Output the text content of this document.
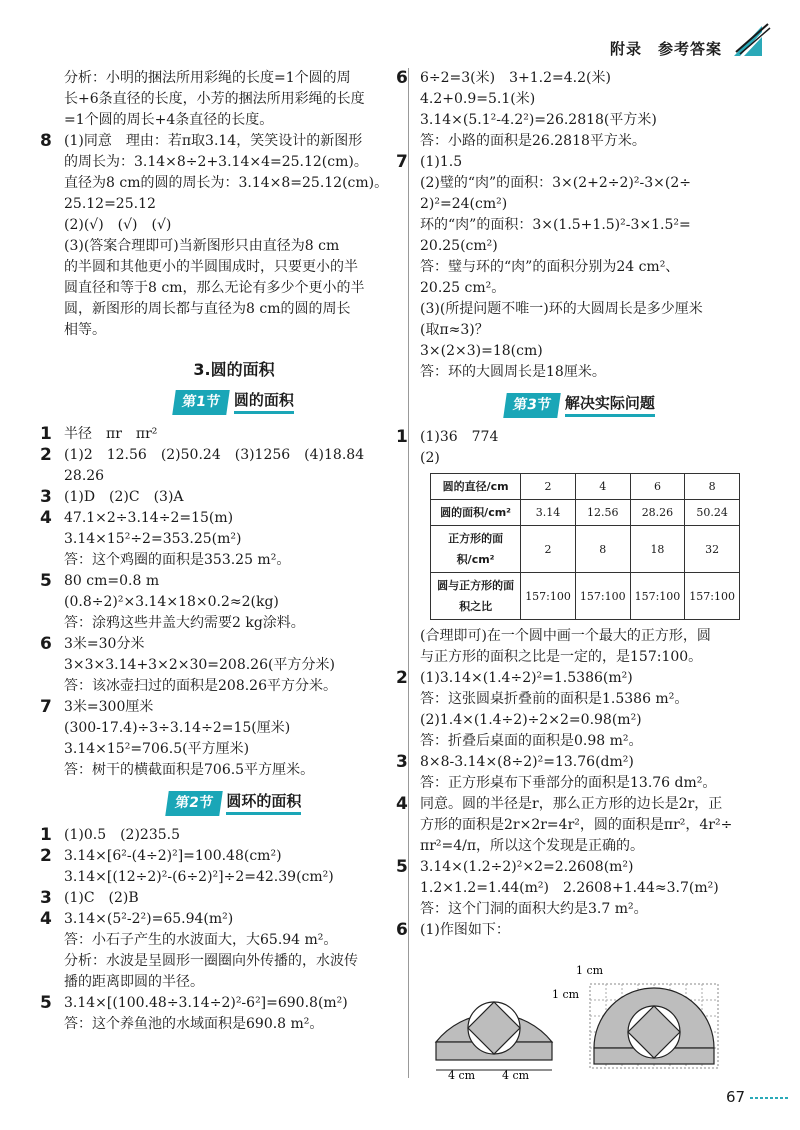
附录　参考答案

分析：小明的捆法所用彩绳的长度=1个圆的周

长+6条直径的长度，小芳的捆法所用彩绳的长度

=1个圆的周长+4条直径的长度。

8 (1)同意　理由：若π取3.14，笑笑设计的新图形

的周长为：3.14×8÷2+3.14×4=25.12(cm)。

直径为8 cm的圆的周长为：3.14×8=25.12(cm)。

25.12=25.12

(2)(√)　(√)　(√)

(3)(答案合理即可)当新图形只由直径为8 cm

的半圆和其他更小的半圆围成时，只要更小的半

圆直径和等于8 cm，那么无论有多少个更小的半

圆，新图形的周长都与直径为8 cm的圆的周长

相等。

3.圆的面积
第1节 圆的面积
1 半径　πr　πr²

2 (1)2　12.56　(2)50.24　(3)1256　(4)18.84

28.26

3 (1)D　(2)C　(3)A

4 47.1×2÷3.14÷2=15(m)

3.14×15²÷2=353.25(m²)

答：这个鸡圈的面积是353.25 m²。

5 80 cm=0.8 m

(0.8÷2)²×3.14×18×0.2≈2(kg)

答：涂鸦这些井盖大约需要2 kg涂料。

6 3米=30分米

3×3×3.14+3×2×30=208.26(平方分米)

答：该冰壶扫过的面积是208.26平方分米。

7 3米=300厘米

(300-17.4)÷3÷3.14÷2=15(厘米)

3.14×15²=706.5(平方厘米)

答：树干的横截面积是706.5平方厘米。

第2节 圆环的面积
1 (1)0.5　(2)235.5

2 3.14×[6²-(4÷2)²]=100.48(cm²)

3.14×[(12÷2)²-(6÷2)²]÷2=42.39(cm²)

3 (1)C　(2)B

4 3.14×(5²-2²)=65.94(m²)

答：小石子产生的水波面大，大65.94 m²。

分析：水波是呈圆形一圈圈向外传播的，水波传

播的距离即圆的半径。

5 3.14×[(100.48÷3.14÷2)²-6²]=690.8(m²)

答：这个养鱼池的水域面积是690.8 m²。

6 6÷2=3(米)　3+1.2=4.2(米)

4.2+0.9=5.1(米)

3.14×(5.1²-4.2²)=26.2818(平方米)

答：小路的面积是26.2818平方米。

7 (1)1.5

(2)璧的“肉”的面积：3×(2+2÷2)²-3×(2÷

2)²=24(cm²)

环的“肉”的面积：3×(1.5+1.5)²-3×1.5²=

20.25(cm²)

答：璧与环的“肉”的面积分别为24 cm²、

20.25 cm²。

(3)(所提问题不唯一)环的大圆周长是多少厘米

(取π≈3)？

3×(2×3)=18(cm)

答：环的大圆周长是18厘米。

第3节 解决实际问题
1 (1)36　774

(2)

圆的直径/cm	2	4	6	8
圆的面积/cm²	3.14	12.56	28.26	50.24
正方形的面积/cm²	2	8	18	32
圆与正方形的面积之比	157:100	157:100	157:100	157:100

(合理即可)在一个圆中画一个最大的正方形，圆

与正方形的面积之比是一定的，是157:100。

2 (1)3.14×(1.4÷2)²=1.5386(m²)

答：这张圆桌折叠前的面积是1.5386 m²。

(2)1.4×(1.4÷2)÷2×2=0.98(m²)

答：折叠后桌面的面积是0.98 m²。

3 8×8-3.14×(8÷2)²=13.76(dm²)

答：正方形桌布下垂部分的面积是13.76 dm²。

4 同意。圆的半径是r，那么正方形的边长是2r，正

方形的面积是2r×2r=4r²，圆的面积是πr²，4r²÷

πr²=4/π，所以这个发现是正确的。

5 3.14×(1.2÷2)²×2=2.2608(m²)

1.2×1.2=1.44(m²)　2.2608+1.44≈3.7(m²)

答：这个门洞的面积大约是3.7 m²。

6 (1)作图如下：

4 cm 4 cm
1 cm
1 cm
67
